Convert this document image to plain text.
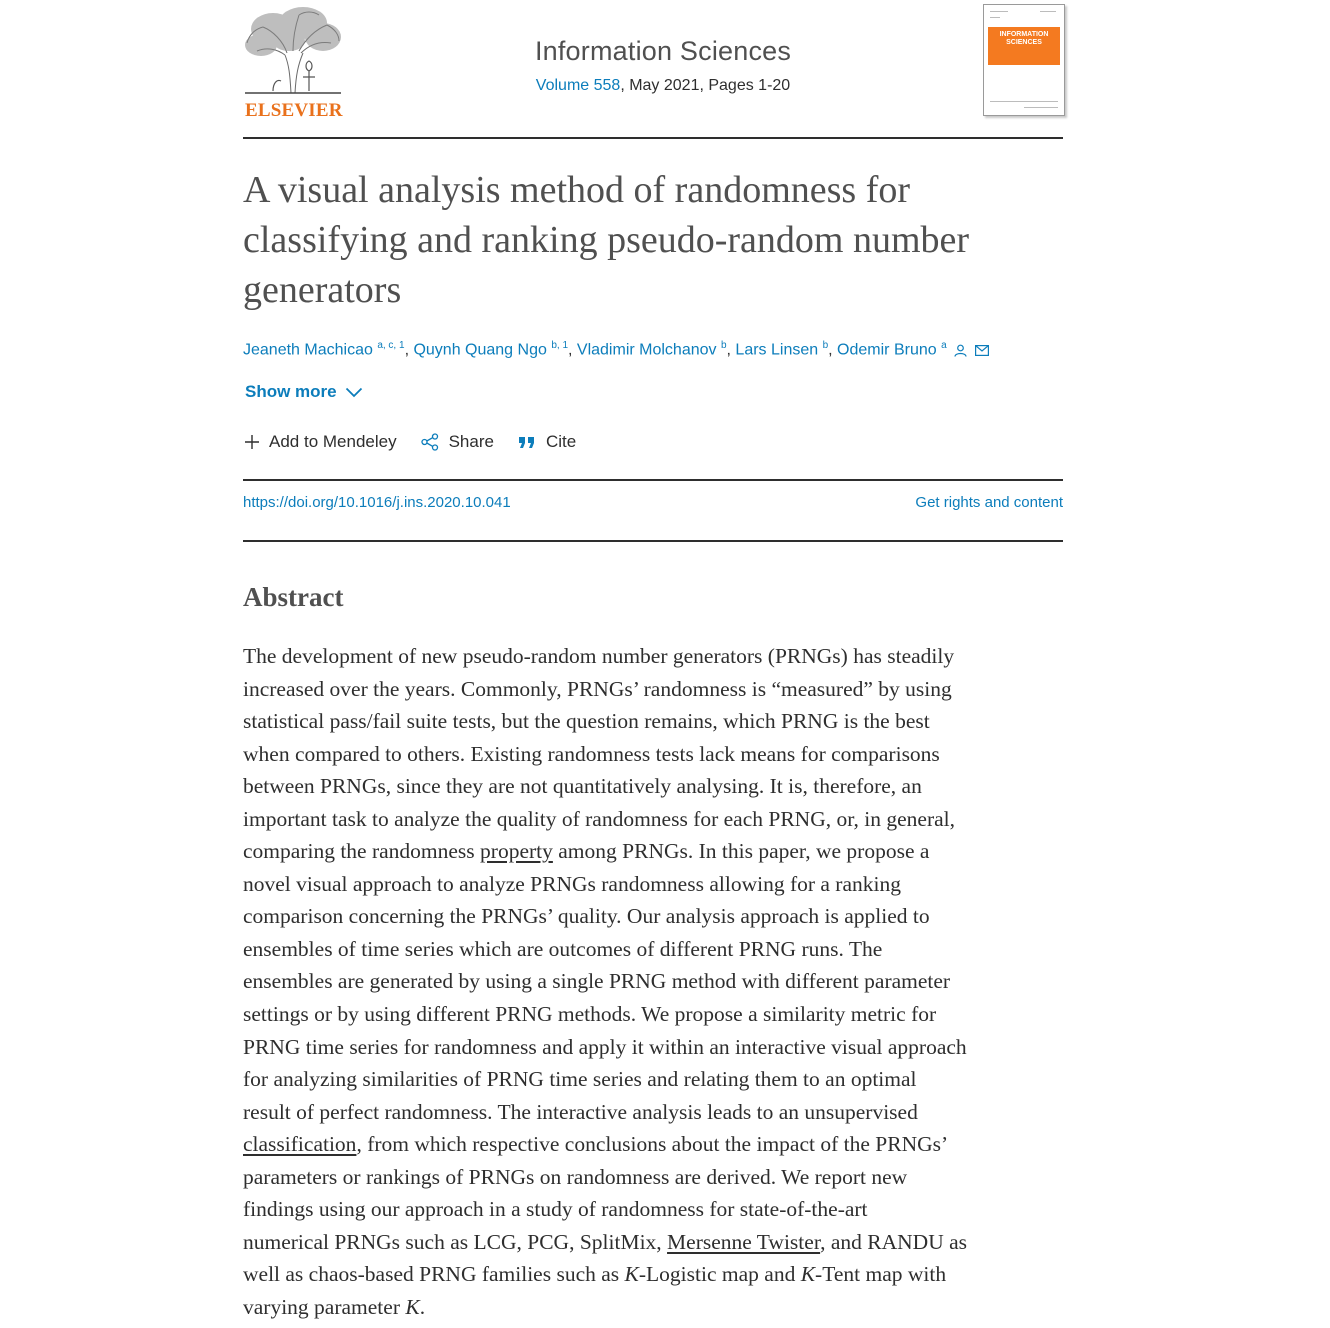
ELSEVIER
Information Sciences
Volume 558, May 2021, Pages 1-20
INFORMATION SCIENCES
A visual analysis method of randomness for classifying and ranking pseudo-random number generators
Jeaneth Machicao $^{a, c, 1}$, Quynh Quang Ngo $^{b, 1}$, Vladimir Molchanov $^b$, Lars Linsen $^b$, Odemir Bruno $^a$
Show more
Add to Mendeley	Share	Cite
https://doi.org/10.1016/j.ins.2020.10.041	Get rights and content
Abstract
The development of new pseudo-random number generators (PRNGs) has steadily
increased over the years. Commonly, PRNGs’ randomness is “measured” by using
statistical pass/fail suite tests, but the question remains, which PRNG is the best
when compared to others. Existing randomness tests lack means for comparisons
between PRNGs, since they are not quantitatively analysing. It is, therefore, an
important task to analyze the quality of randomness for each PRNG, or, in general,
comparing the randomness property among PRNGs. In this paper, we propose a
novel visual approach to analyze PRNGs randomness allowing for a ranking
comparison concerning the PRNGs’ quality. Our analysis approach is applied to
ensembles of time series which are outcomes of different PRNG runs. The
ensembles are generated by using a single PRNG method with different parameter
settings or by using different PRNG methods. We propose a similarity metric for
PRNG time series for randomness and apply it within an interactive visual approach
for analyzing similarities of PRNG time series and relating them to an optimal
result of perfect randomness. The interactive analysis leads to an unsupervised
classification, from which respective conclusions about the impact of the PRNGs’
parameters or rankings of PRNGs on randomness are derived. We report new
findings using our approach in a study of randomness for state-of-the-art
numerical PRNGs such as LCG, PCG, SplitMix, Mersenne Twister, and RANDU as
well as chaos-based PRNG families such as K-Logistic map and K-Tent map with
varying parameter K.
